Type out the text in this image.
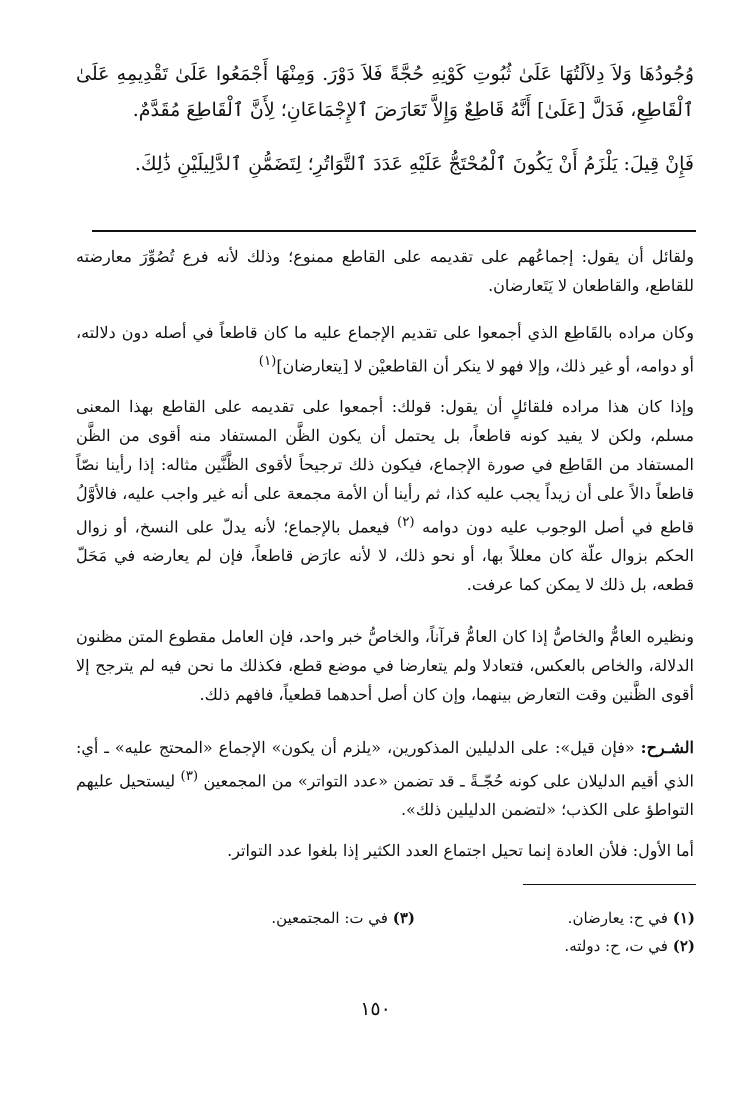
وُجُودُهَا وَلاَ دِلاَلَتُهَا عَلَىٰ ثُبُوتِ كَوْنِهِ حُجَّةً فَلاَ دَوْرَ. وَمِنْهَا أَجْمَعُوا عَلَىٰ تَقْدِيمِهِ عَلَىٰ ٱلْقَاطِعِ، فَدَلَّ [عَلَىٰ] أَنَّهُ قَاطِعٌ وَإِلاَّ تَعَارَضَ ٱلإِجْمَاعَانِ؛ لِأَنَّ ٱلْقَاطِعَ مُقَدَّمٌ.

فَإِنْ قِيلَ: يَلْزَمُ أَنْ يَكُونَ ٱلْمُحْتَجُّ عَلَيْهِ عَدَدَ ٱلتَّوَاتُرِ؛ لِتَضَمُّنِ ٱلدَّلِيلَيْنِ ذَٰلِكَ.

ولقائل أن يقول: إجماعُهم على تقديمه على القاطع ممنوع؛ وذلك لأنه فرع تُصُوِّرَ معارضته للقاطع، والقاطعان لا يَتَعارضان.

وكان مراده بالقَاطِع الذي أجمعوا على تقديم الإجماع عليه ما كان قاطعاً في أصله دون دلالته، أو دوامه، أو غير ذلك، وإلا فهو لا ينكر أن القاطعيْن لا [يتعارضان]$^{(١)}$

وإذا كان هذا مراده فلقائلٍ أن يقول: قولك: أجمعوا على تقديمه على القاطع بهذا المعنى مسلم، ولكن لا يفيد كونه قاطعاً، بل يحتمل أن يكون الظَّن المستفاد منه أقوى من الظَّن المستفاد من القَاطِع في صورة الإجماع، فيكون ذلك ترجيحاً لأقوى الظَّنَّين مثاله: إذا رأينا نصّاً قاطعاً دالاً على أن زيداً يجب عليه كذا، ثم رأينا أن الأمة مجمعة على أنه غير واجب عليه، فالأوَّلُ قاطع في أصل الوجوب عليه دون دوامه $^{(٢)}$ فيعمل بالإجماع؛ لأنه يدلّ على النسخ، أو زوال الحكم بزوال علّة كان معللاً بها، أو نحو ذلك، لا لأنه عارَض قاطعاً، فإن لم يعارضه في مَحَلّ قطعه، بل ذلك لا يمكن كما عرفت.

ونظيره العامُّ والخاصُّ إذا كان العامُّ قرآناً، والخاصُّ خبر واحد، فإن العامل مقطوع المتن مظنون الدلالة، والخاص بالعكس، فتعادلا ولم يتعارضا في موضع قطع، فكذلك ما نحن فيه لم يترجح إلا أقوى الظَّنين وقت التعارض بينهما، وإن كان أصل أحدهما قطعياً، فافهم ذلك.

الشـرح: «فإن قيل»: على الدليلين المذكورين، «يلزم أن يكون» الإجماع «المحتج عليه» ـ أي: الذي أقيم الدليلان على كونه حُجّـةً ـ قد تضمن «عدد التواتر» من المجمعين $^{(٣)}$ ليستحيل عليهم التواطؤ على الكذب؛ «لتضمن الدليلين ذلك».

أما الأول: فلأن العادة إنما تحيل اجتماع العدد الكثير إذا بلغوا عدد التواتر.

(١) في ح: يعارضان.
(٢) في ت، ح: دولته.
(٣) في ت: المجتمعين.
١٥٠
